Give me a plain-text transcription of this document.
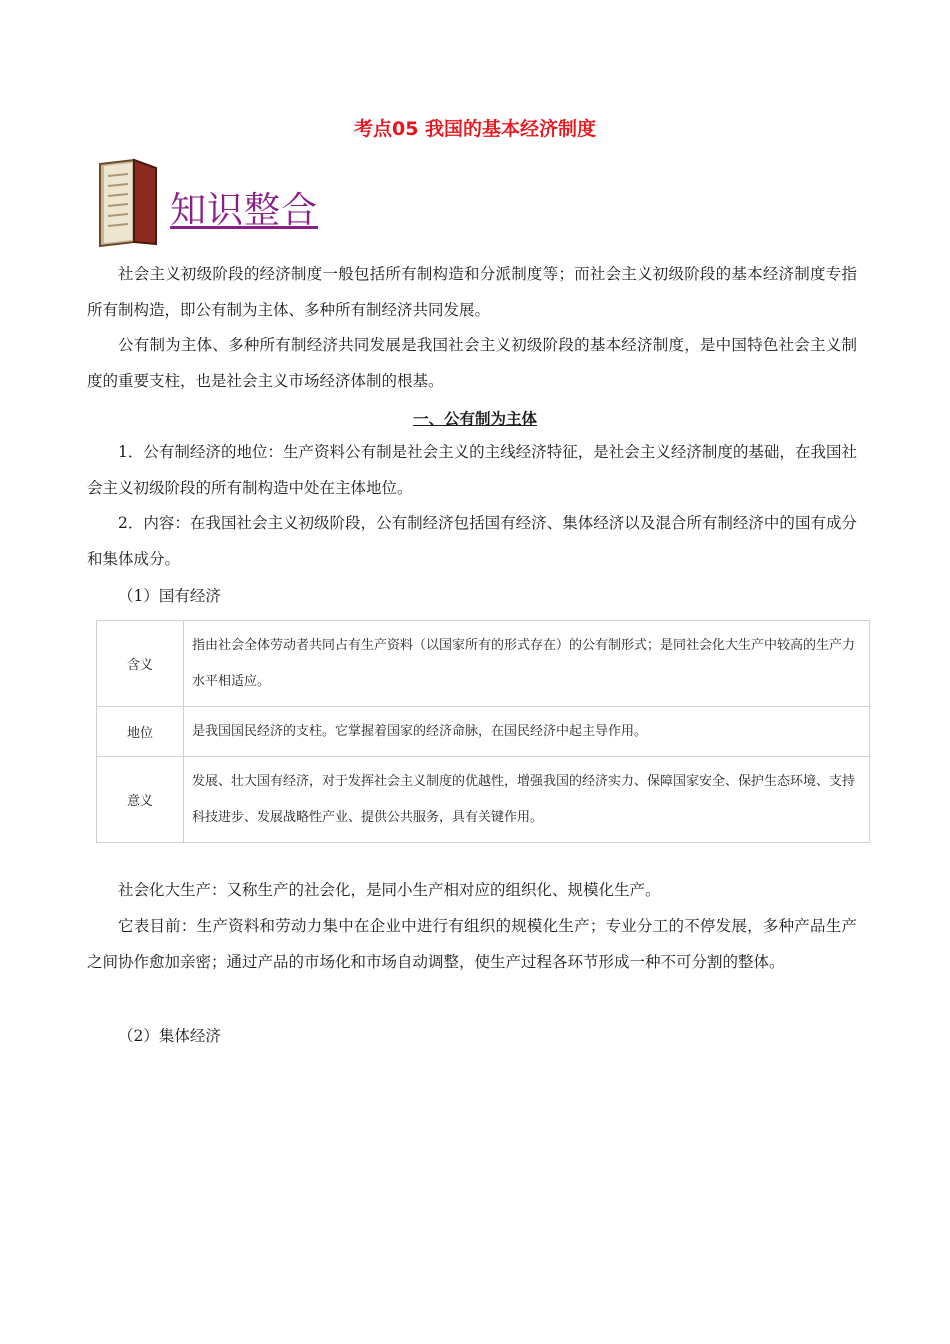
考点05 我国的基本经济制度
知识整合

社会主义初级阶段的经济制度一般包括所有制构造和分派制度等；而社会主义初级阶段的基本经济制度专指所有制构造，即公有制为主体、多种所有制经济共同发展。

公有制为主体、多种所有制经济共同发展是我国社会主义初级阶段的基本经济制度，是中国特色社会主义制度的重要支柱，也是社会主义市场经济体制的根基。

一、公有制为主体

1．公有制经济的地位：生产资料公有制是社会主义的主线经济特征，是社会主义经济制度的基础，在我国社会主义初级阶段的所有制构造中处在主体地位。

2．内容：在我国社会主义初级阶段，公有制经济包括国有经济、集体经济以及混合所有制经济中的国有成分和集体成分。

（1）国有经济
含义	指由社会全体劳动者共同占有生产资料（以国家所有的形式存在）的公有制形式；是同社会化大生产中较高的生产力水平相适应。
地位	是我国国民经济的支柱。它掌握着国家的经济命脉，在国民经济中起主导作用。
意义	发展、壮大国有经济，对于发挥社会主义制度的优越性，增强我国的经济实力、保障国家安全、保护生态环境、支持科技进步、发展战略性产业、提供公共服务，具有关键作用。

社会化大生产：又称生产的社会化，是同小生产相对应的组织化、规模化生产。

它表目前：生产资料和劳动力集中在企业中进行有组织的规模化生产；专业分工的不停发展，多种产品生产之间协作愈加亲密；通过产品的市场化和市场自动调整，使生产过程各环节形成一种不可分割的整体。

（2）集体经济
